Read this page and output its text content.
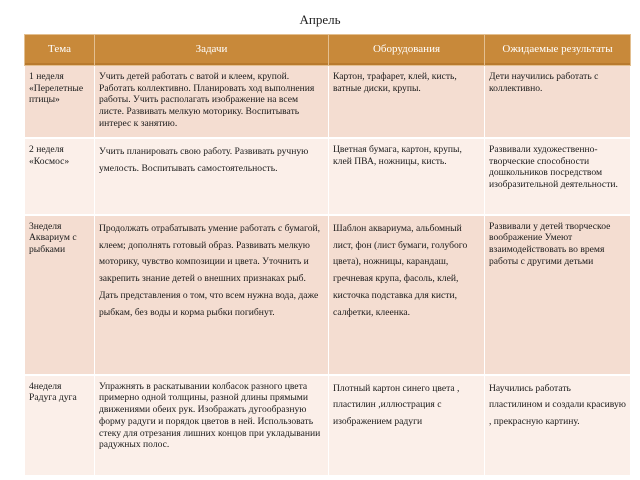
Апрель
Тема	Задачи	Оборудования	Ожидаемые результаты
1 неделя «Перелетные птицы»	Учить детей работать с ватой и клеем, крупой. Работать коллективно. Планировать ход выполнения работы. Учить располагать изображение на всем листе. Развивать мелкую моторику. Воспитывать интерес к занятию.	Картон, трафарет, клей, кисть, ватные диски, крупы.	Дети научились работать с коллективно.
2 неделя «Космос»	Учить планировать свою работу. Развивать ручную умелость. Воспитывать самостоятельность.	Цветная бумага, картон, крупы, клей ПВА, ножницы, кисть.	Развивали художественно-творческие способности дошкольников посредством изобразительной деятельности.
3неделя Аквариум с рыбками	Продолжать отрабатывать умение работать с бумагой, клеем; дополнять готовый образ. Развивать мелкую моторику, чувство композиции и цвета. Уточнить и закрепить знание детей о внешних признаках рыб. Дать представления о том, что всем нужна вода, даже рыбкам, без воды и корма рыбки погибнут.	Шаблон аквариума, альбомный лист, фон (лист бумаги, голубого цвета), ножницы, карандаш, гречневая крупа, фасоль, клей, кисточка подставка для кисти, салфетки, клеенка.	Развивали у детей творческое воображение Умеют взаимодействовать во время работы с другими детьми
4неделя Радуга дуга	Упражнять в раскатывании колбасок разного цвета примерно одной толщины, разной длины прямыми движениями обеих рук. Изображать дугообразную форму радуги и порядок цветов в ней. Использовать стеку для отрезания лишних концов при укладывании радужных полос.	Плотный картон синего цвета , пластилин ,иллюстрация с изображением радуги	Научились работать пластилином и создали красивую , прекрасную картину.
